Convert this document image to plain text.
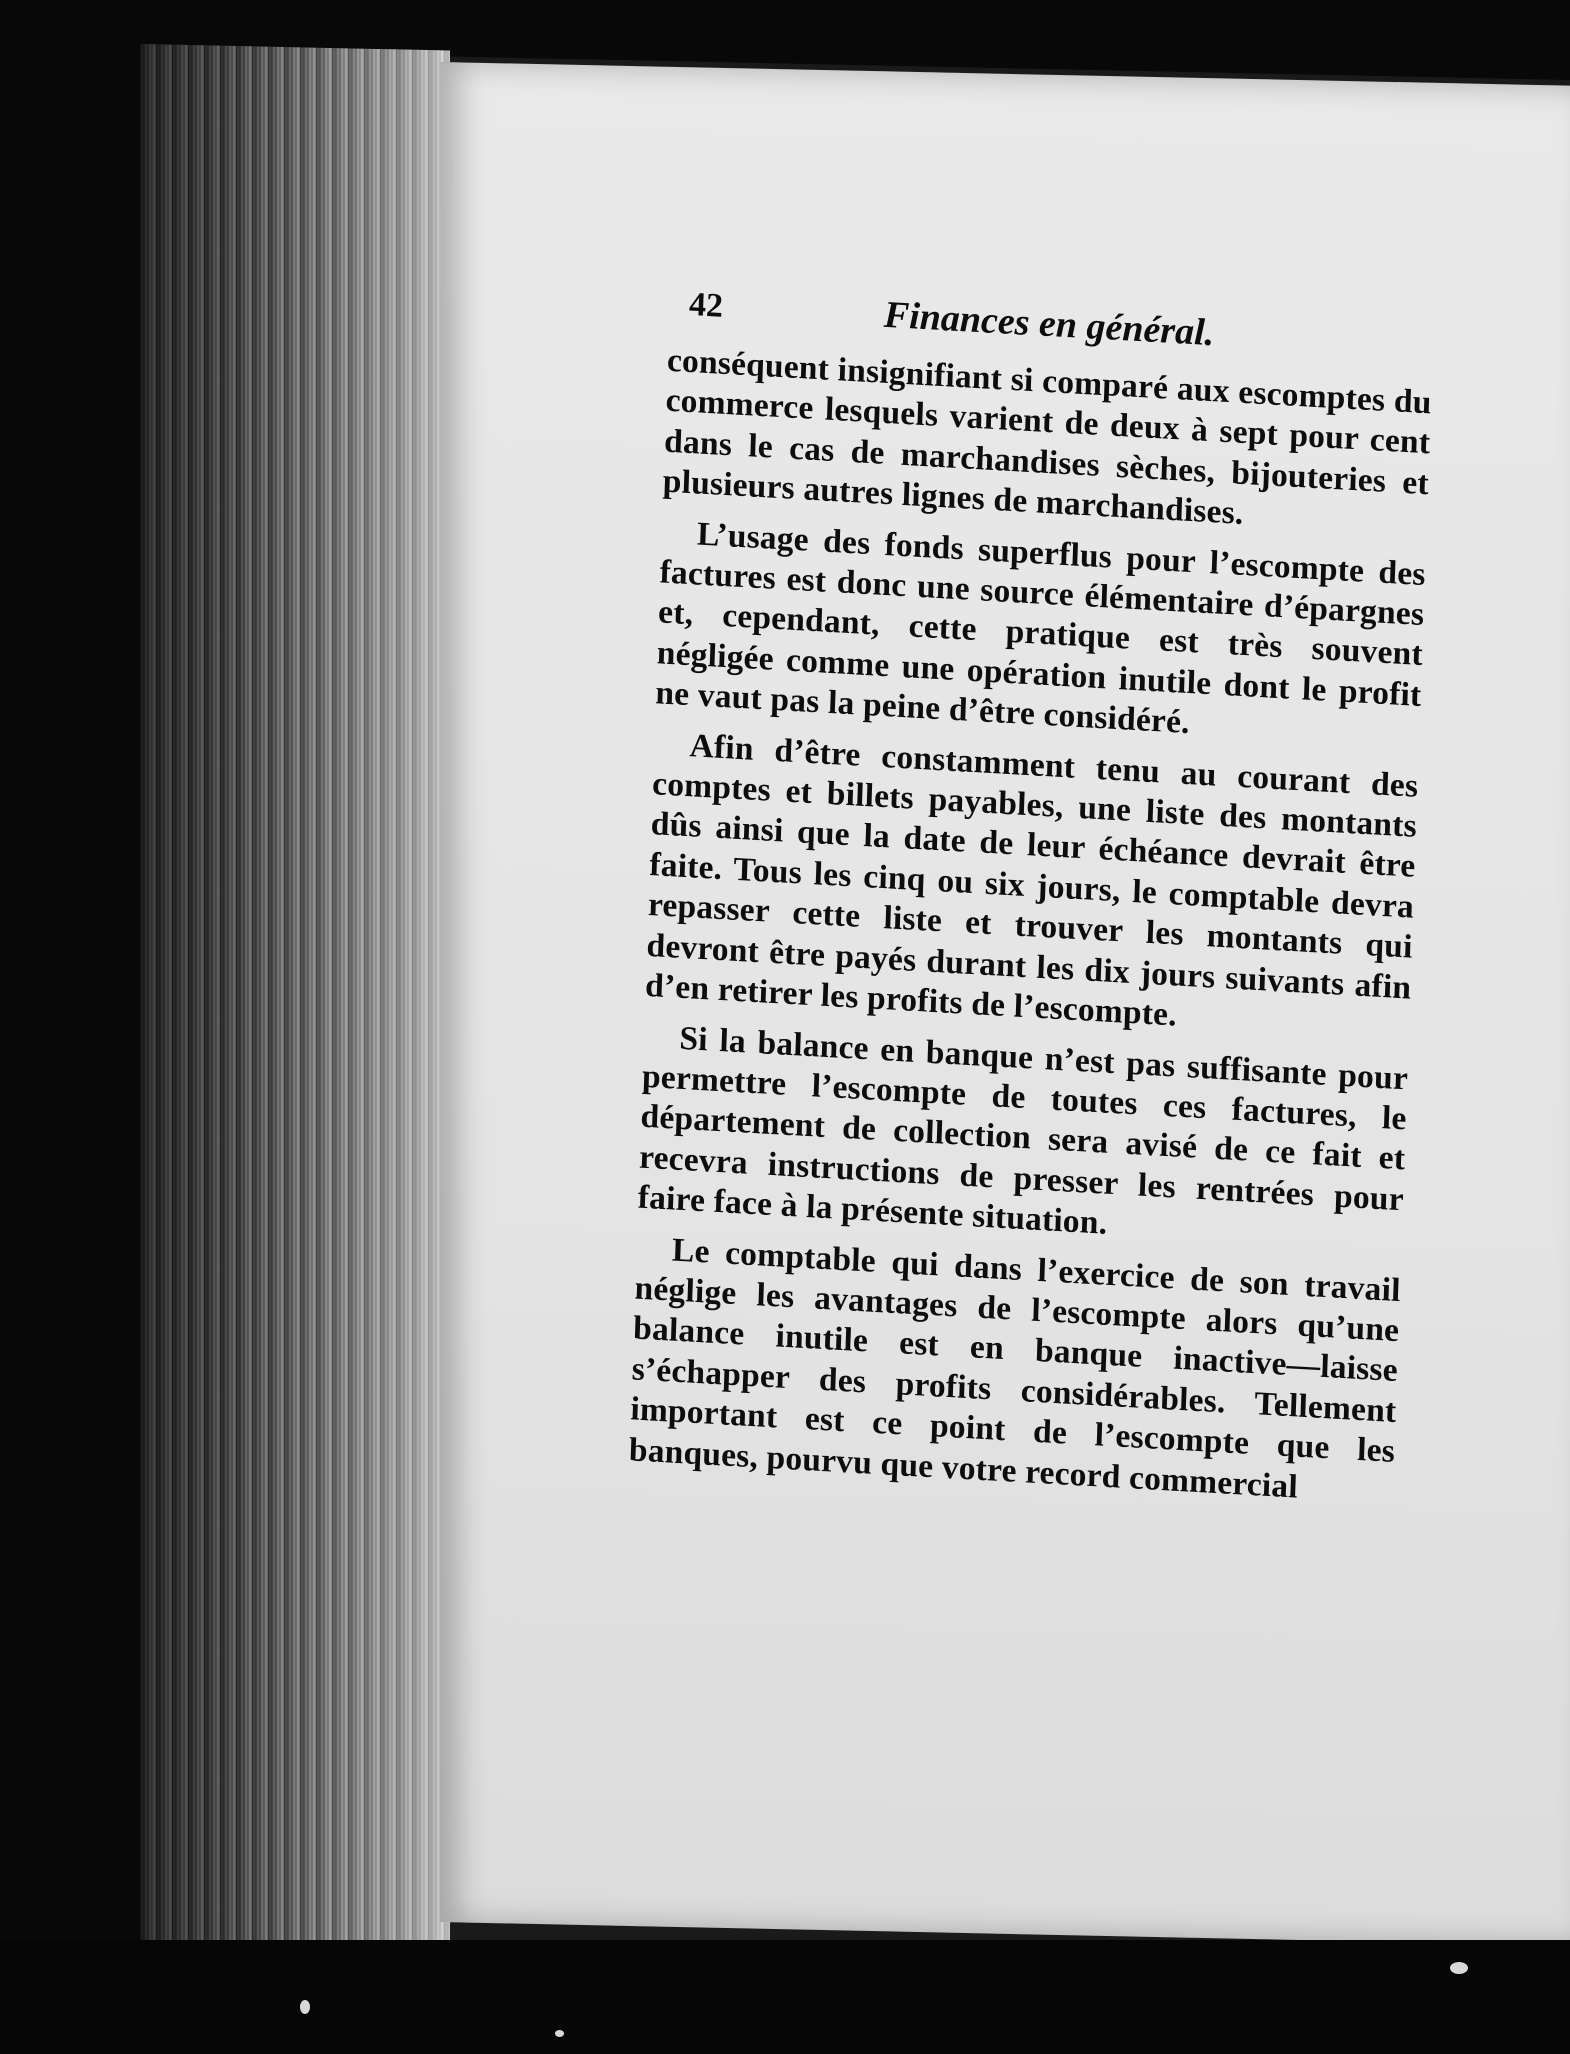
42	Finances en général.

conséquent insignifiant si comparé aux escomptes du commerce lesquels varient de deux à sept pour cent dans le cas de marchandises sèches, bijouteries et plusieurs autres lignes de marchandises.

L’usage des fonds superflus pour l’escompte des factures est donc une source élémentaire d’épargnes et, cependant, cette pratique est très souvent négligée comme une opération inutile dont le profit ne vaut pas la peine d’être considéré.

Afin d’être constamment tenu au courant des comptes et billets payables, une liste des montants dûs ainsi que la date de leur échéance devrait être faite. Tous les cinq ou six jours, le comptable devra repasser cette liste et trouver les montants qui devront être payés durant les dix jours suivants afin d’en retirer les profits de l’escompte.

Si la balance en banque n’est pas suffisante pour permettre l’escompte de toutes ces factures, le département de collection sera avisé de ce fait et recevra instructions de presser les rentrées pour faire face à la présente situation.

Le comptable qui dans l’exercice de son travail néglige les avantages de l’escompte alors qu’une balance inutile est en banque inactive—laisse s’échapper des profits considérables. Tellement important est ce point de l’escompte que les banques, pourvu que votre record commercial
